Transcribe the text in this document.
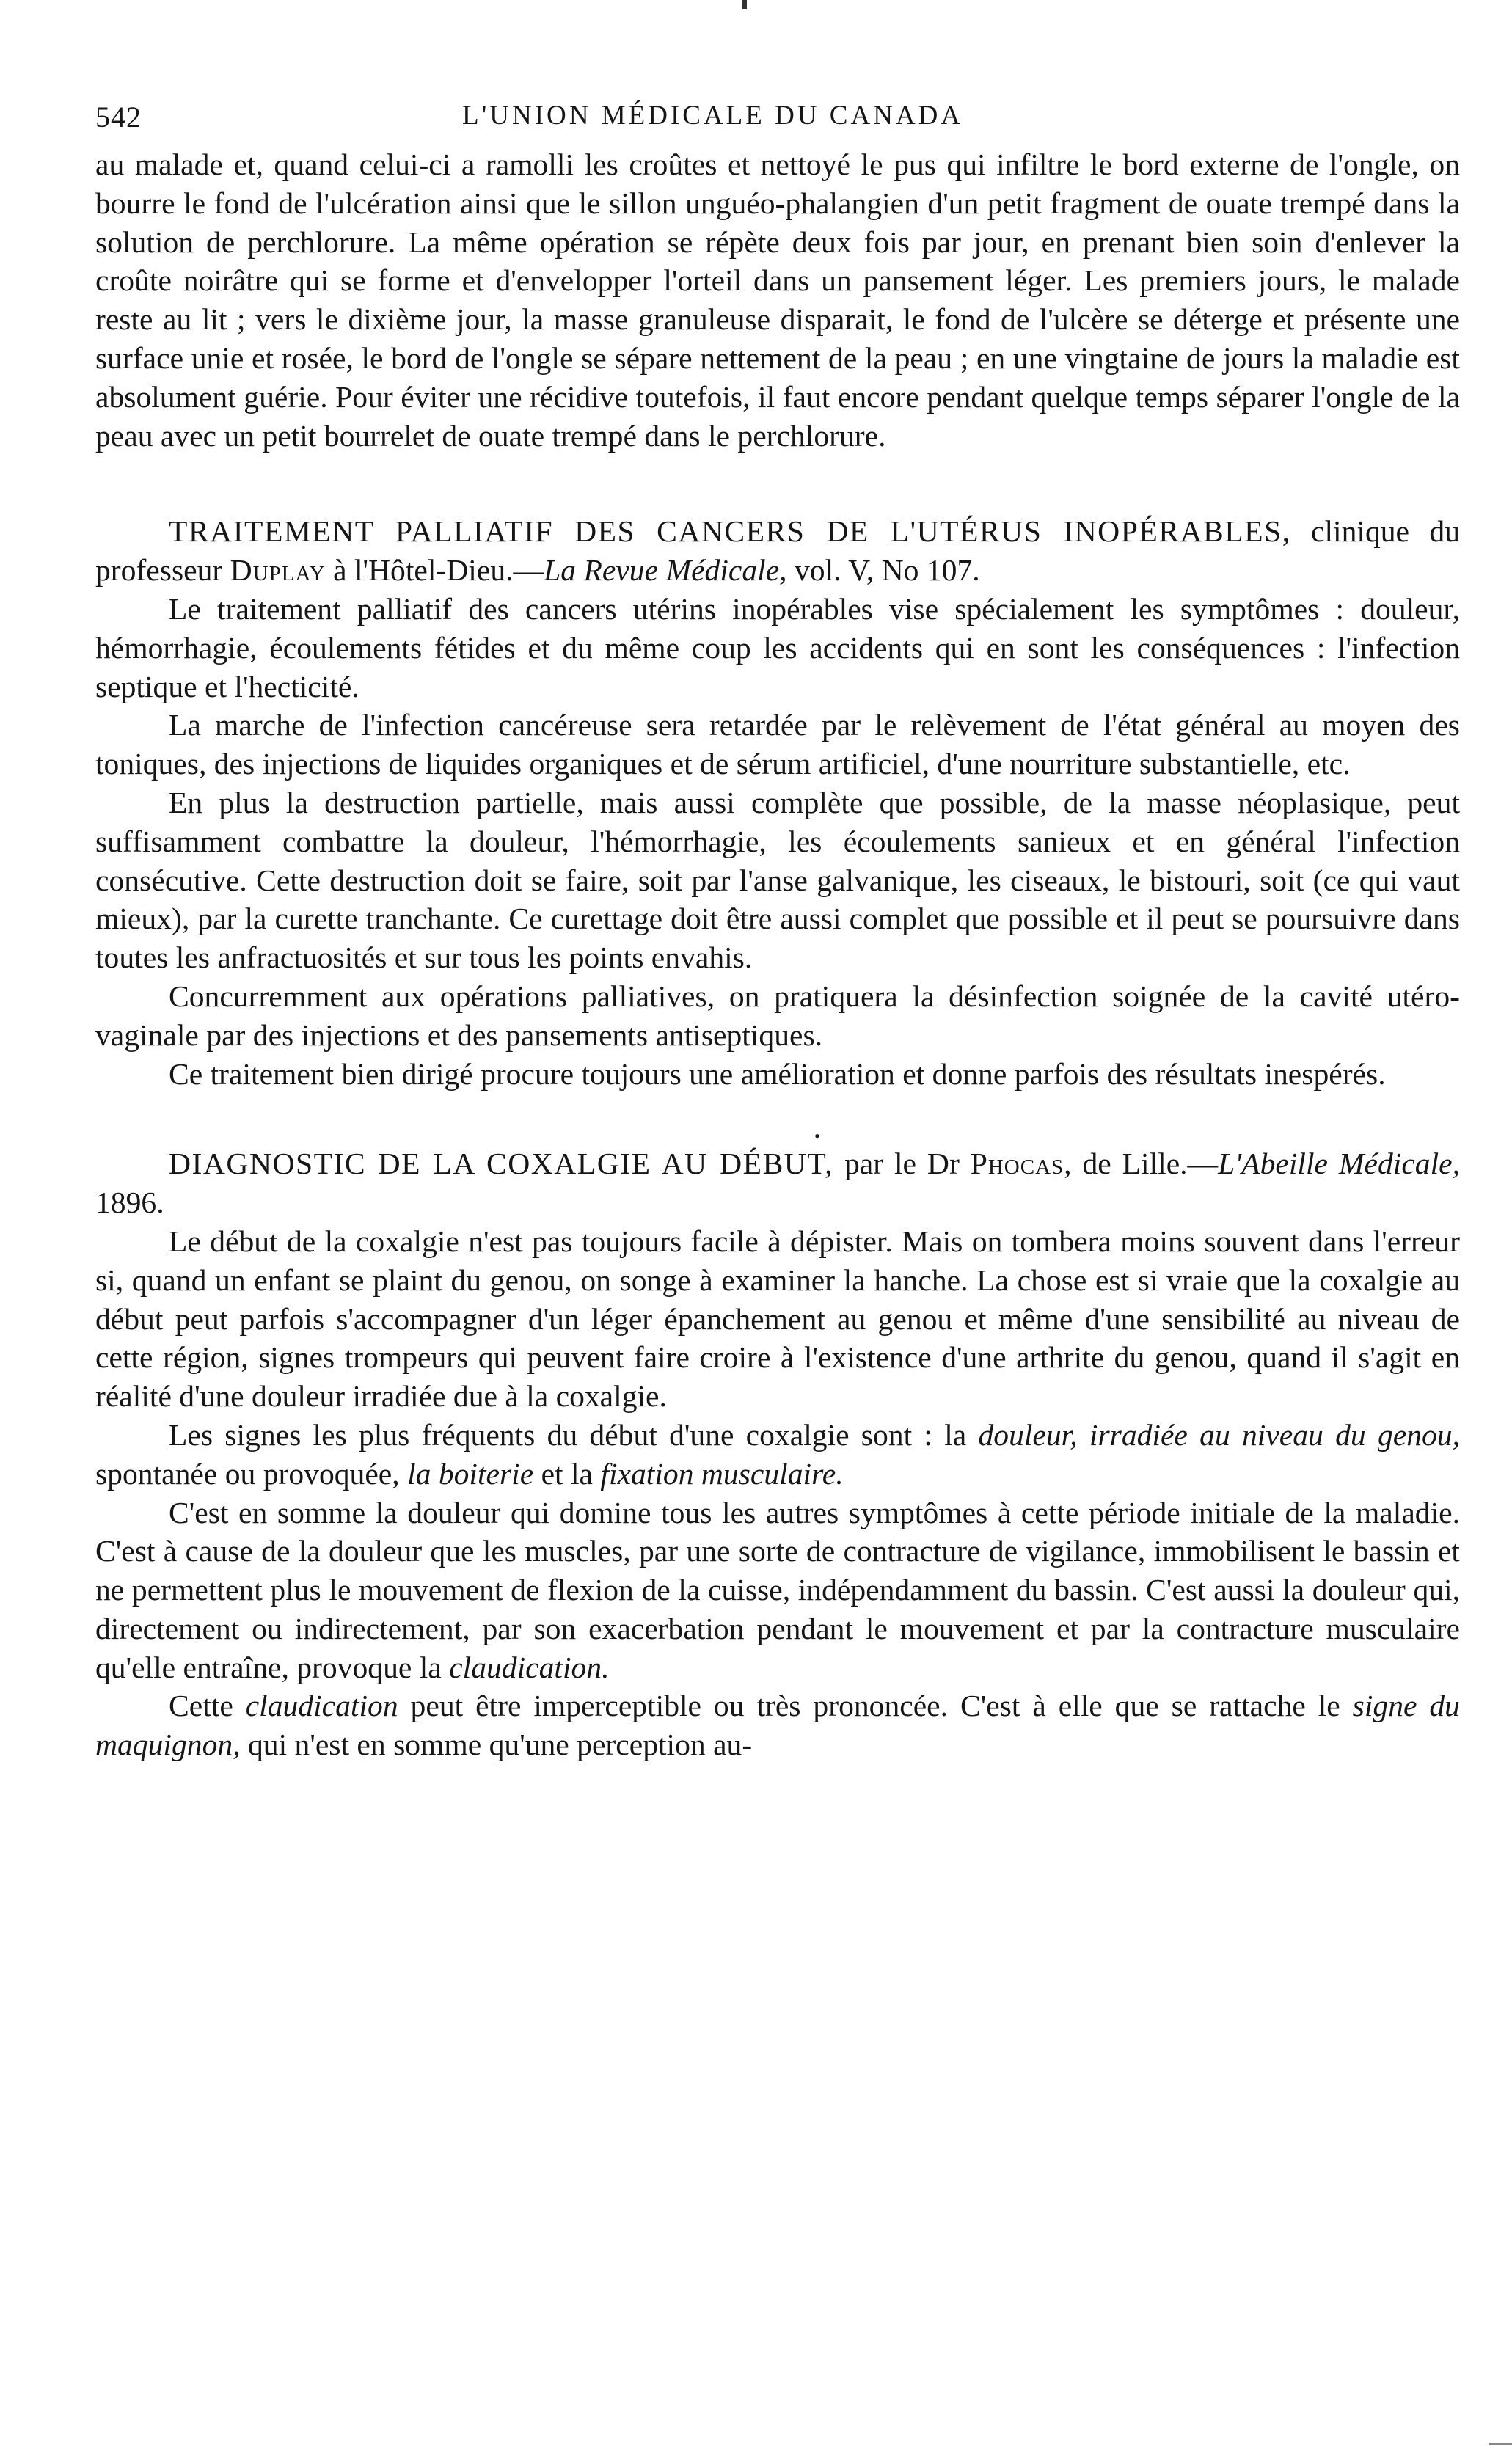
542	L'UNION MÉDICALE DU CANADA

au malade et, quand celui-ci a ramolli les croûtes et nettoyé le pus qui infiltre le bord externe de l'ongle, on bourre le fond de l'ulcération ainsi que le sillon unguéo-phalangien d'un petit fragment de ouate trempé dans la solution de perchlorure. La même opération se répète deux fois par jour, en prenant bien soin d'enlever la croûte noirâtre qui se forme et d'envelopper l'orteil dans un pansement léger. Les premiers jours, le malade reste au lit ; vers le dixième jour, la masse granuleuse disparait, le fond de l'ulcère se déterge et présente une surface unie et rosée, le bord de l'ongle se sépare nettement de la peau ; en une vingtaine de jours la maladie est absolument guérie. Pour éviter une récidive toutefois, il faut encore pendant quelque temps séparer l'ongle de la peau avec un petit bourrelet de ouate trempé dans le perchlorure.

TRAITEMENT PALLIATIF DES CANCERS DE L'UTÉRUS INOPÉRABLES, clinique du professeur Duplay à l'Hôtel-Dieu.—La Revue Médicale, vol. V, No 107.

Le traitement palliatif des cancers utérins inopérables vise spécialement les symptômes : douleur, hémorrhagie, écoulements fétides et du même coup les accidents qui en sont les conséquences : l'infection septique et l'hecticité.

La marche de l'infection cancéreuse sera retardée par le relèvement de l'état général au moyen des toniques, des injections de liquides organiques et de sérum artificiel, d'une nourriture substantielle, etc.

En plus la destruction partielle, mais aussi complète que possible, de la masse néoplasique, peut suffisamment combattre la douleur, l'hémorrhagie, les écoulements sanieux et en général l'infection consécutive. Cette destruction doit se faire, soit par l'anse galvanique, les ciseaux, le bistouri, soit (ce qui vaut mieux), par la curette tranchante. Ce curettage doit être aussi complet que possible et il peut se poursuivre dans toutes les anfractuosités et sur tous les points envahis.

Concurremment aux opérations palliatives, on pratiquera la désinfection soignée de la cavité utéro-vaginale par des injections et des pansements antiseptiques.

Ce traitement bien dirigé procure toujours une amélioration et donne parfois des résultats inespérés.

•

DIAGNOSTIC DE LA COXALGIE AU DÉBUT, par le Dr Phocas, de Lille.—L'Abeille Médicale, 1896.

Le début de la coxalgie n'est pas toujours facile à dépister. Mais on tombera moins souvent dans l'erreur si, quand un enfant se plaint du genou, on songe à examiner la hanche. La chose est si vraie que la coxalgie au début peut parfois s'accompagner d'un léger épanchement au genou et même d'une sensibilité au niveau de cette région, signes trompeurs qui peuvent faire croire à l'existence d'une arthrite du genou, quand il s'agit en réalité d'une douleur irradiée due à la coxalgie.

Les signes les plus fréquents du début d'une coxalgie sont : la douleur, irradiée au niveau du genou, spontanée ou provoquée, la boiterie et la fixation musculaire.

C'est en somme la douleur qui domine tous les autres symptômes à cette période initiale de la maladie. C'est à cause de la douleur que les muscles, par une sorte de contracture de vigilance, immobilisent le bassin et ne permettent plus le mouvement de flexion de la cuisse, indépendamment du bassin. C'est aussi la douleur qui, directement ou indirectement, par son exacerbation pendant le mouvement et par la contracture musculaire qu'elle entraîne, provoque la claudication.

Cette claudication peut être imperceptible ou très prononcée. C'est à elle que se rattache le signe du maquignon, qui n'est en somme qu'une perception au-
